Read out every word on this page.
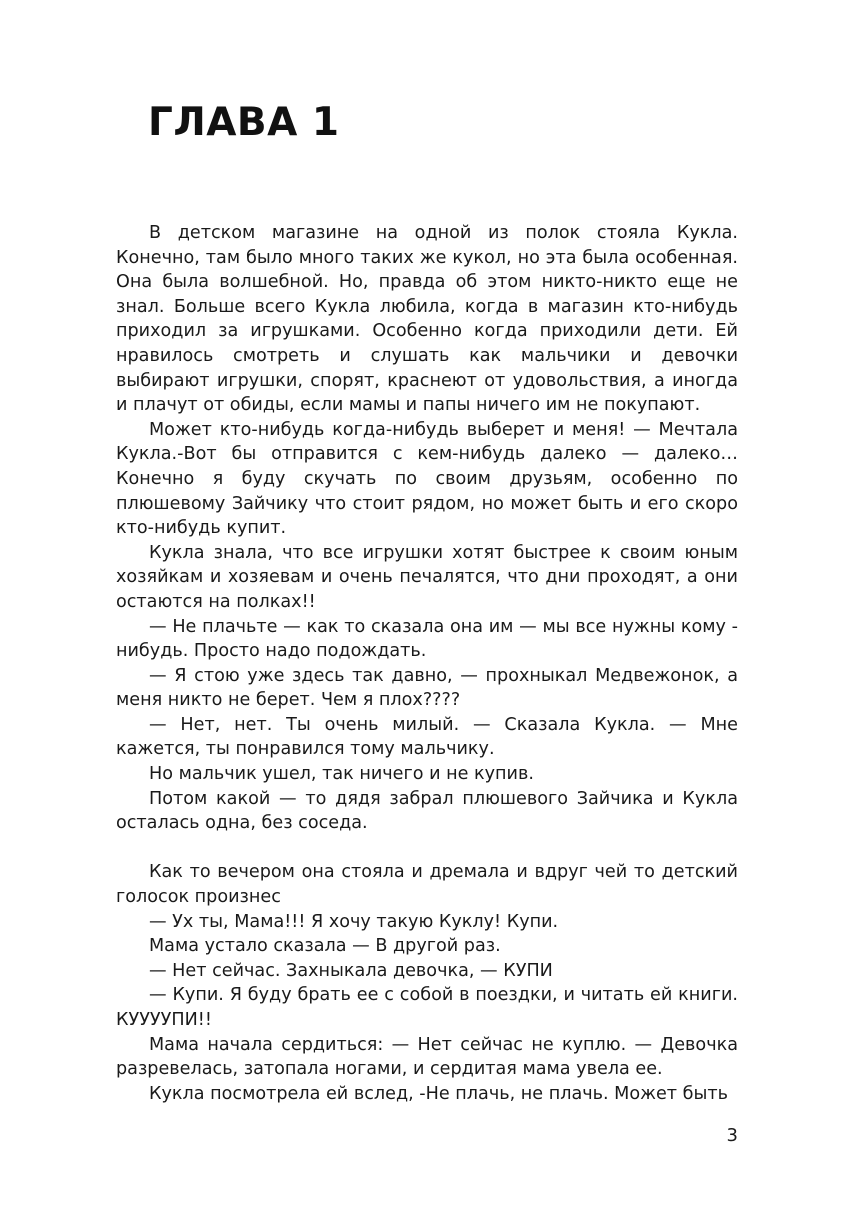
ГЛАВА 1

В детском магазине на одной из полок стояла Кукла. Конечно, там было много таких же кукол, но эта была особенная. Она была волшебной. Но, правда об этом никто-никто еще не знал. Больше всего Кукла любила, когда в магазин кто-нибудь приходил за игрушками. Особенно когда приходили дети. Ей нравилось смотреть и слушать как мальчики и девочки выбирают игрушки, спорят, краснеют от удовольствия, а иногда и плачут от обиды, если мамы и папы ничего им не покупают.

Может кто-нибудь когда-нибудь выберет и меня! — Мечтала Кукла.-Вот бы отправится с кем-нибудь далеко — далеко… Конечно я буду скучать по своим друзьям, особенно по плюшевому Зайчику что стоит рядом, но может быть и его скоро кто-нибудь купит.

Кукла знала, что все игрушки хотят быстрее к своим юным хозяйкам и хозяевам и очень печалятся, что дни проходят, а они остаются на полках!!

— Не плачьте — как то сказала она им — мы все нужны кому - нибудь. Просто надо подождать.

— Я стою уже здесь так давно, — прохныкал Медвежонок, а меня никто не берет. Чем я плох????

— Нет, нет. Ты очень милый. — Сказала Кукла. — Мне кажется, ты понравился тому мальчику.

Но мальчик ушел, так ничего и не купив.

Потом какой — то дядя забрал плюшевого Зайчика и Кукла осталась одна, без соседа.

Как то вечером она стояла и дремала и вдруг чей то детский голосок произнес

— Ух ты, Мама!!! Я хочу такую Куклу! Купи.

Мама устало сказала — В другой раз.

— Нет сейчас. Захныкала девочка, — КУПИ

— Купи. Я буду брать ее с собой в поездки, и читать ей книги. КУУУУПИ!!

Мама начала сердиться: — Нет сейчас не куплю. — Девочка разревелась, затопала ногами, и сердитая мама увела ее.

Кукла посмотрела ей вслед, -Не плачь, не плачь. Может быть

3
